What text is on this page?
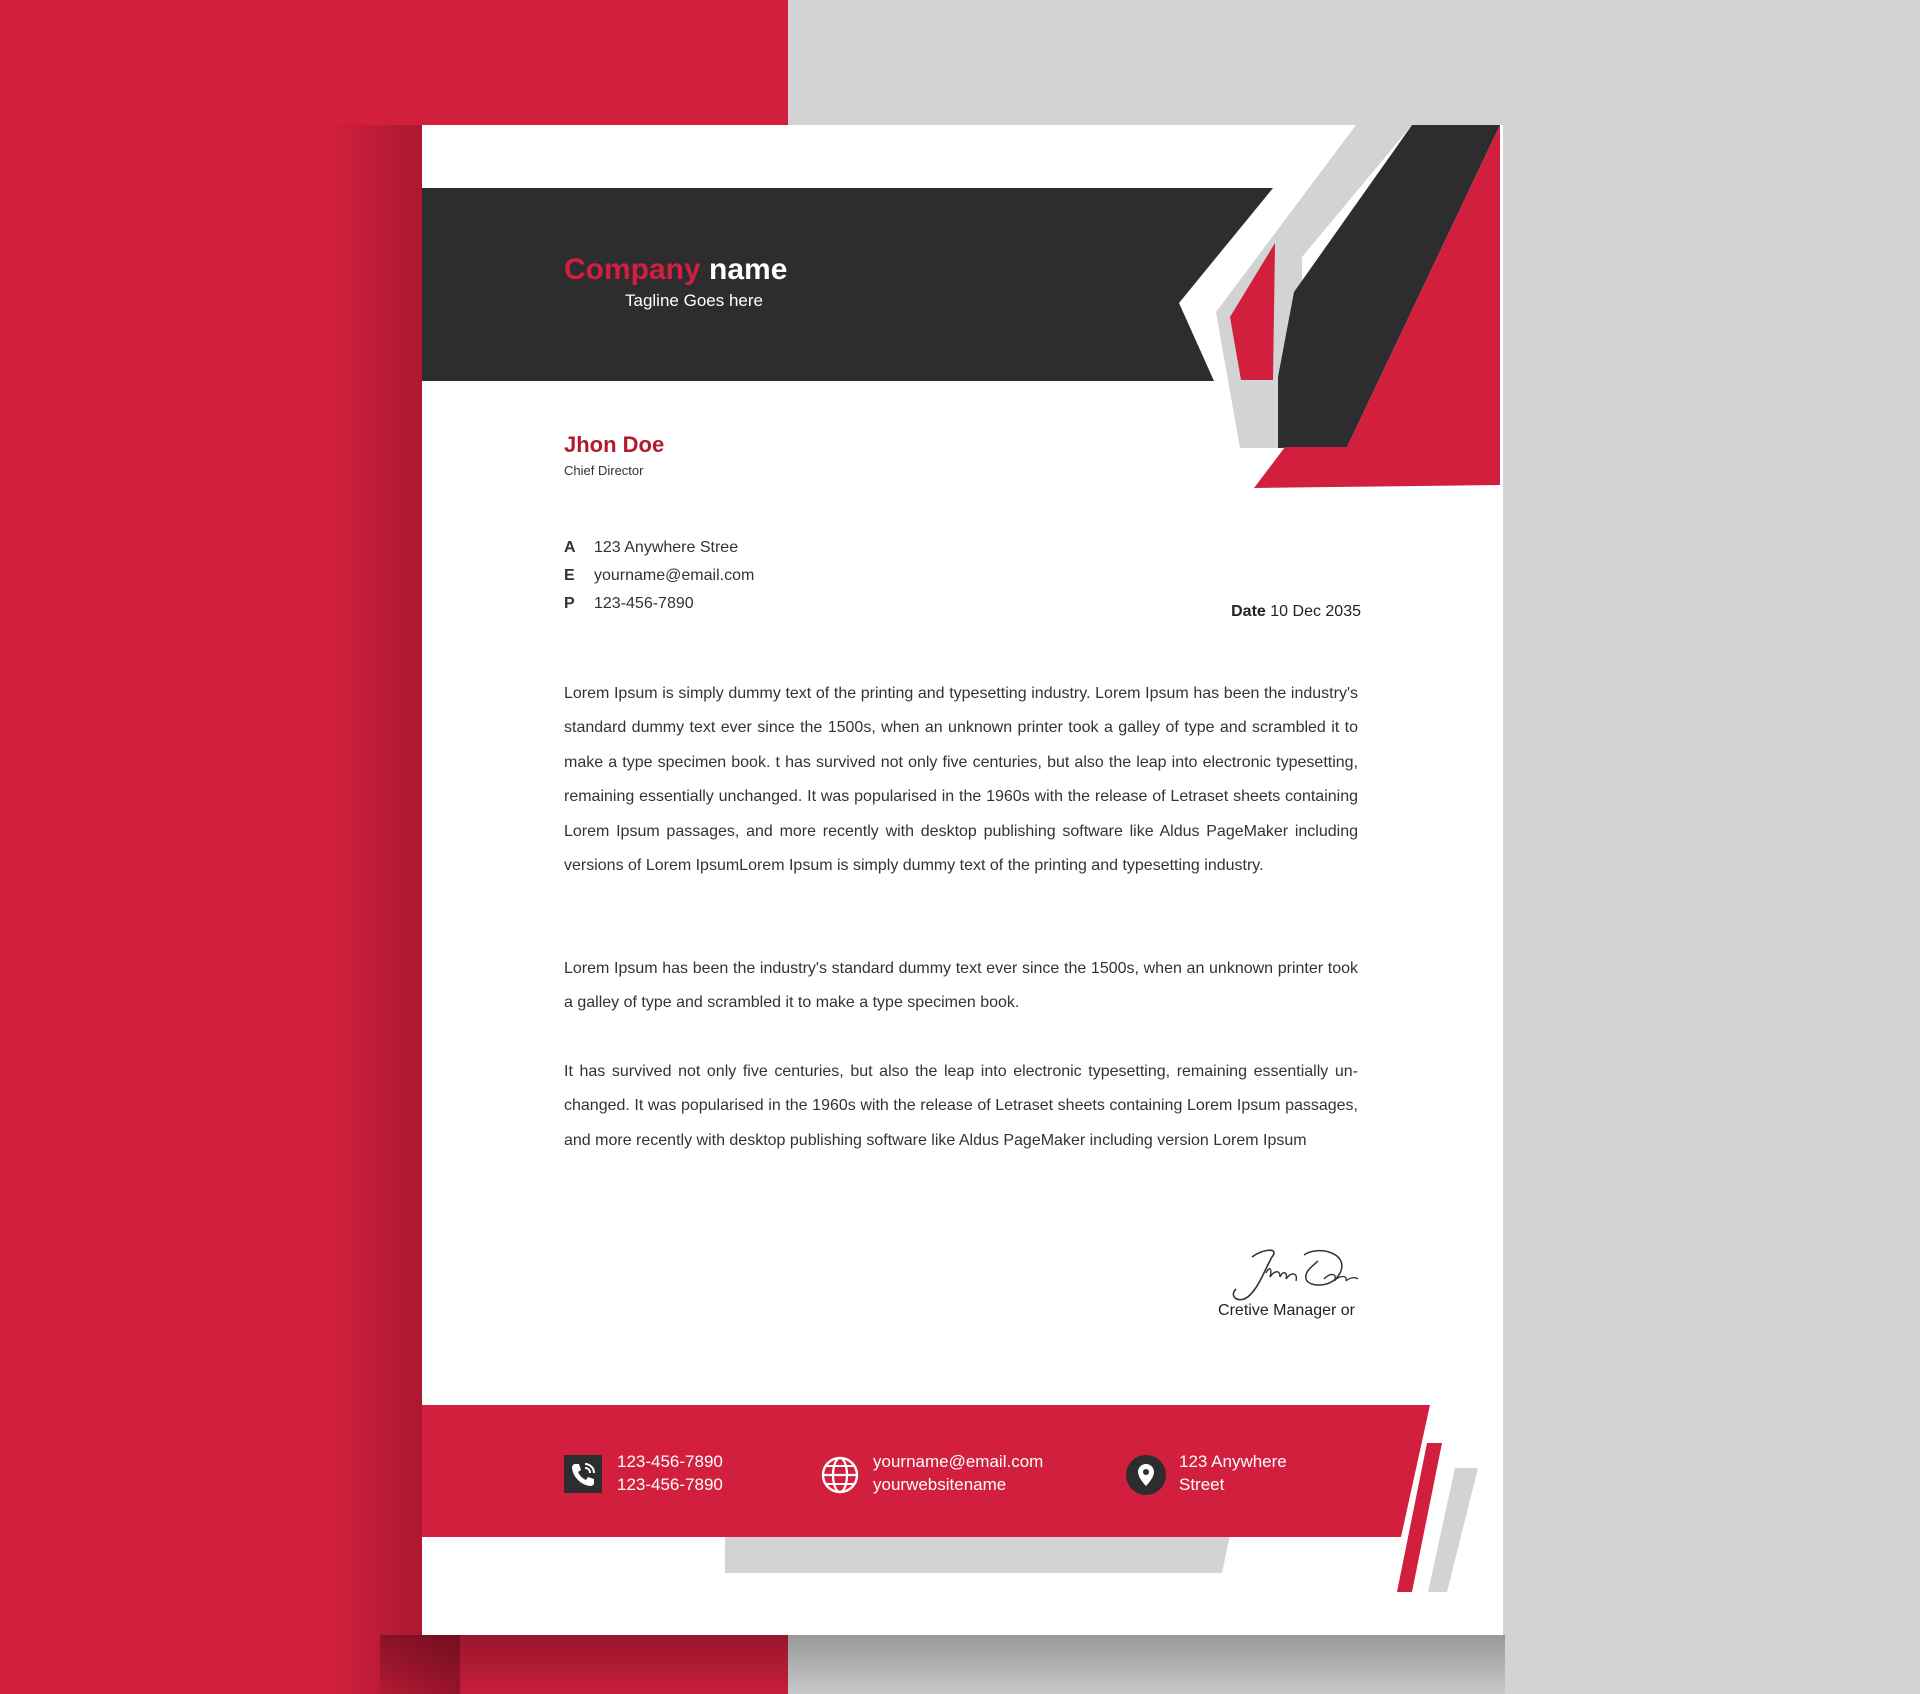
Company name
Tagline Goes here
Jhon Doe
Chief Director
A 123 Anywhere Stree
E yourname@email.com
P 123-456-7890	Date 10 Dec 2035

Lorem Ipsum is simply dummy text of the printing and typesetting industry. Lorem Ipsum has been the industry's standard dummy text ever since the 1500s, when an unknown printer took a galley of type and scrambled it to make a type specimen book. t has survived not only five centuries, but also the leap into electronic typesetting, remaining essentially unchanged. It was popularised in the 1960s with the release of Letraset sheets containing Lorem Ipsum passages, and more recently with desktop publishing software like Aldus PageMaker including versions of Lorem IpsumLorem Ipsum is simply dummy text of the printing and typesetting industry.

Lorem Ipsum has been the industry's standard dummy text ever since the 1500s, when an unknown printer took a galley of type and scrambled it to make a type specimen book.

It has survived not only five centuries, but also the leap into electronic typesetting, remaining essentially unchanged. It was popularised in the 1960s with the release of Letraset sheets containing Lorem Ipsum passages, and more recently with desktop publishing software like Aldus PageMaker including version Lorem Ipsum

Cretive Manager or
123-456-7890
123-456-7890
yourname@email.com
yourwebsitename
123 Anywhere
Street
